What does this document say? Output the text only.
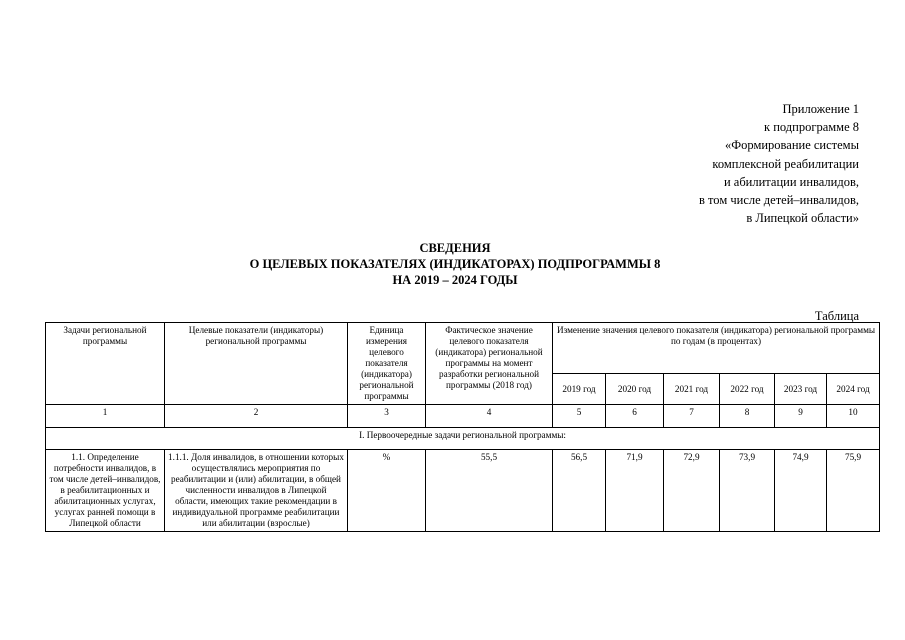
Приложение 1
к подпрограмме 8
«Формирование системы
комплексной реабилитации
и абилитации инвалидов,
в том числе детей–инвалидов,
в Липецкой области»
СВЕДЕНИЯ
О ЦЕЛЕВЫХ ПОКАЗАТЕЛЯХ (ИНДИКАТОРАХ) ПОДПРОГРАММЫ 8
НА 2019 – 2024 ГОДЫ
Таблица
Задачи региональной программы	Целевые показатели (индикаторы) региональной программы	Единица измерения целевого показателя (индикатора) региональной программы	Фактическое значение целевого показателя (индикатора) региональной программы на момент разработки региональной программы (2018 год)	Изменение значения целевого показателя (индикатора) региональной программы по годам (в процентах)					
				2019 год	2020 год	2021 год	2022 год	2023 год	2024 год
1	2	3	4	5	6	7	8	9	10
I. Первоочередные задачи региональной программы:									
1.1. Определение потребности инвалидов, в том числе детей–инвалидов, в реабилитационных и абилитационных услугах, услугах ранней помощи в Липецкой области	1.1.1. Доля инвалидов, в отношении которых осуществлялись мероприятия по реабилитации и (или) абилитации, в общей численности инвалидов в Липецкой области, имеющих такие рекомендации в индивидуальной программе реабилитации или абилитации (взрослые)	%	55,5	56,5	71,9	72,9	73,9	74,9	75,9
